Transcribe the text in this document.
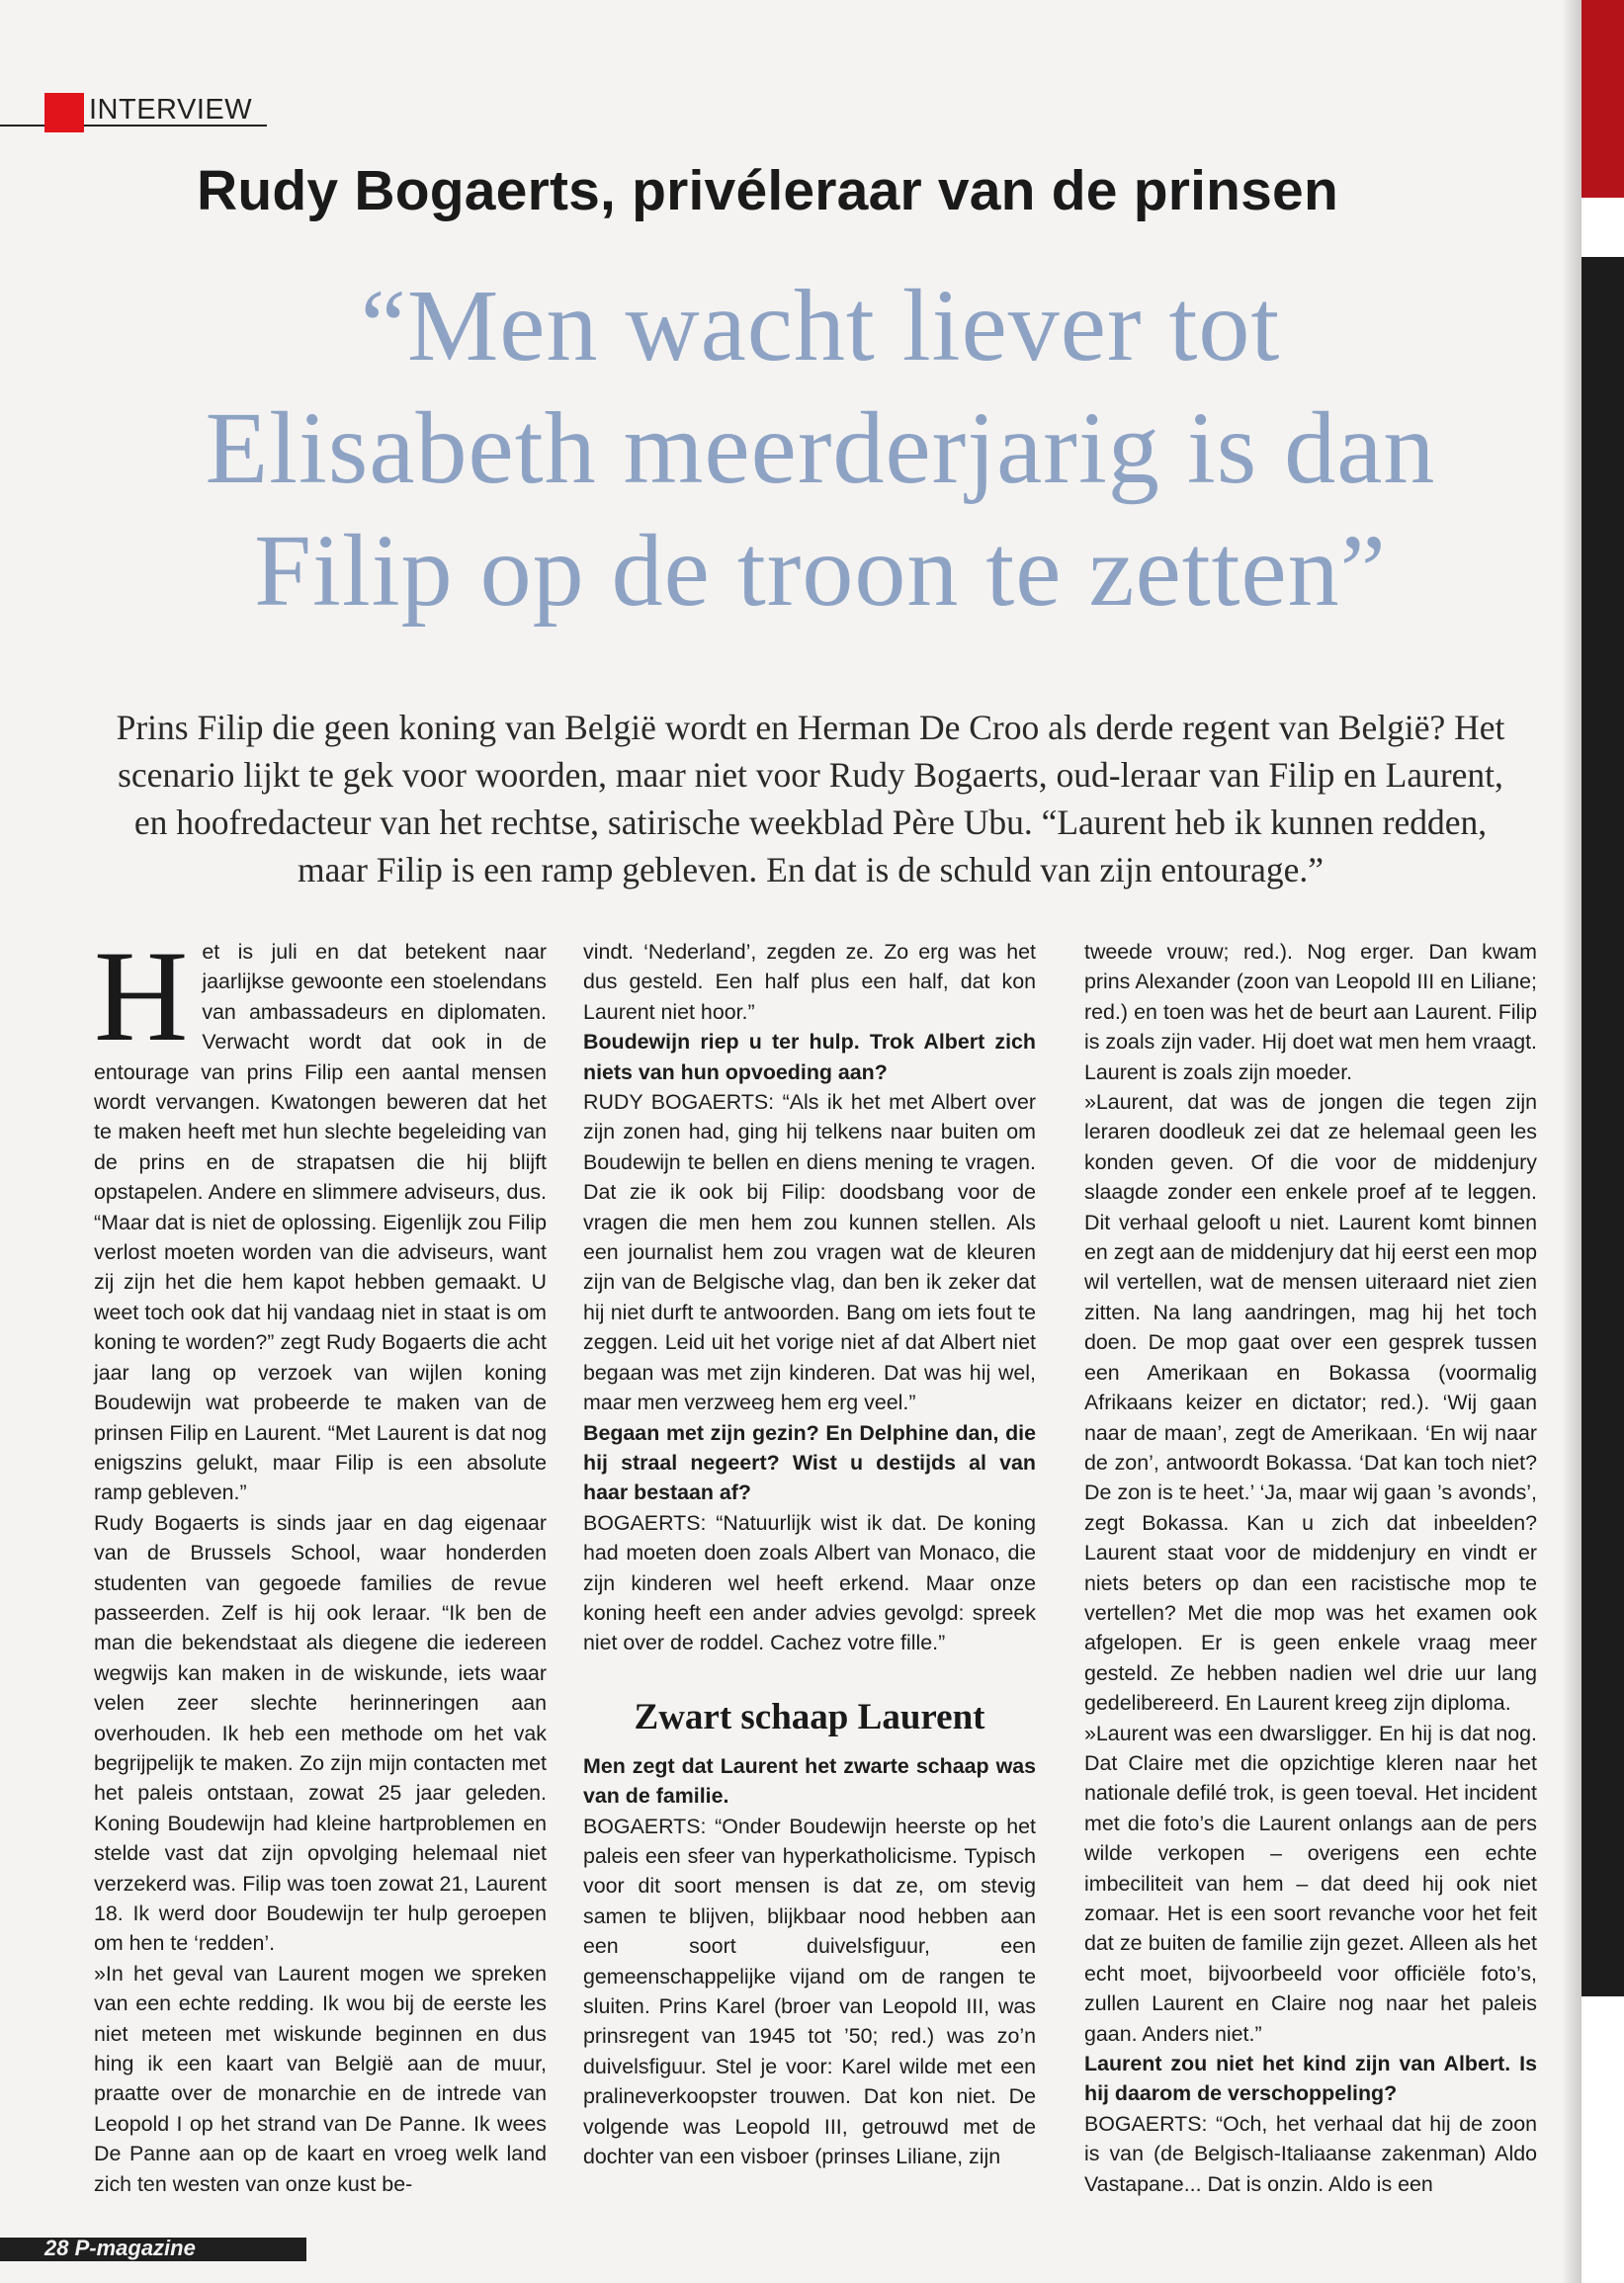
INTERVIEW
Rudy Bogaerts, privéleraar van de prinsen
“Men wacht liever tot
Elisabeth meerderjarig is dan
Filip op de troon te zetten”
Prins Filip die geen koning van België wordt en Herman De Croo als derde regent van België? Het scenario lijkt te gek voor woorden, maar niet voor Rudy Bogaerts, oud-leraar van Filip en Laurent, en hoofredacteur van het rechtse, satirische weekblad Père Ubu. “Laurent heb ik kunnen redden, maar Filip is een ramp gebleven. En dat is de schuld van zijn entourage.”
H et is juli en dat betekent naar jaarlijkse gewoonte een stoelendans van ambassadeurs en diplomaten. Verwacht wordt dat ook in de entourage van prins Filip een aantal mensen wordt vervangen. Kwatongen beweren dat het te maken heeft met hun slechte begeleiding van de prins en de strapatsen die hij blijft opstapelen. Andere en slimmere adviseurs, dus. “Maar dat is niet de oplossing. Eigenlijk zou Filip verlost moeten worden van die adviseurs, want zij zijn het die hem kapot hebben gemaakt. U weet toch ook dat hij vandaag niet in staat is om koning te worden?” zegt Rudy Bogaerts die acht jaar lang op verzoek van wijlen koning Boudewijn wat probeerde te maken van de prinsen Filip en Laurent. “Met Laurent is dat nog enigszins gelukt, maar Filip is een absolute ramp gebleven.”

Rudy Bogaerts is sinds jaar en dag eigenaar van de Brussels School, waar honderden studenten van gegoede families de revue passeerden. Zelf is hij ook leraar. “Ik ben de man die bekendstaat als diegene die iedereen wegwijs kan maken in de wiskunde, iets waar velen zeer slechte herinneringen aan overhouden. Ik heb een methode om het vak begrijpelijk te maken. Zo zijn mijn contacten met het paleis ontstaan, zowat 25 jaar geleden. Koning Boudewijn had kleine hartproblemen en stelde vast dat zijn opvolging helemaal niet verzekerd was. Filip was toen zowat 21, Laurent 18. Ik werd door Boudewijn ter hulp geroepen om hen te ‘redden’.

»In het geval van Laurent mogen we spreken van een echte redding. Ik wou bij de eerste les niet meteen met wiskunde beginnen en dus hing ik een kaart van België aan de muur, praatte over de monarchie en de intrede van Leopold I op het strand van De Panne. Ik wees De Panne aan op de kaart en vroeg welk land zich ten westen van onze kust be-

vindt. ‘Nederland’, zegden ze. Zo erg was het dus gesteld. Een half plus een half, dat kon Laurent niet hoor.”

Boudewijn riep u ter hulp. Trok Albert zich niets van hun opvoeding aan?

RUDY BOGAERTS: “Als ik het met Albert over zijn zonen had, ging hij telkens naar buiten om Boudewijn te bellen en diens mening te vragen. Dat zie ik ook bij Filip: doodsbang voor de vragen die men hem zou kunnen stellen. Als een journalist hem zou vragen wat de kleuren zijn van de Belgische vlag, dan ben ik zeker dat hij niet durft te antwoorden. Bang om iets fout te zeggen. Leid uit het vorige niet af dat Albert niet begaan was met zijn kinderen. Dat was hij wel, maar men verzweeg hem erg veel.”

Begaan met zijn gezin? En Delphine dan, die hij straal negeert? Wist u destijds al van haar bestaan af?

BOGAERTS: “Natuurlijk wist ik dat. De koning had moeten doen zoals Albert van Monaco, die zijn kinderen wel heeft erkend. Maar onze koning heeft een ander advies gevolgd: spreek niet over de roddel. Cachez votre fille.”

Zwart schaap Laurent

Men zegt dat Laurent het zwarte schaap was van de familie.

BOGAERTS: “Onder Boudewijn heerste op het paleis een sfeer van hyperkatholicisme. Typisch voor dit soort mensen is dat ze, om stevig samen te blijven, blijkbaar nood hebben aan een soort duivelsfiguur, een gemeenschappelijke vijand om de rangen te sluiten. Prins Karel (broer van Leopold III, was prinsregent van 1945 tot ’50; red.) was zo’n duivelsfiguur. Stel je voor: Karel wilde met een pralineverkoopster trouwen. Dat kon niet. De volgende was Leopold III, getrouwd met de dochter van een visboer (prinses Liliane, zijn

tweede vrouw; red.). Nog erger. Dan kwam prins Alexander (zoon van Leopold III en Liliane; red.) en toen was het de beurt aan Laurent. Filip is zoals zijn vader. Hij doet wat men hem vraagt. Laurent is zoals zijn moeder.

»Laurent, dat was de jongen die tegen zijn leraren doodleuk zei dat ze helemaal geen les konden geven. Of die voor de middenjury slaagde zonder een enkele proef af te leggen. Dit verhaal gelooft u niet. Laurent komt binnen en zegt aan de middenjury dat hij eerst een mop wil vertellen, wat de mensen uiteraard niet zien zitten. Na lang aandringen, mag hij het toch doen. De mop gaat over een gesprek tussen een Amerikaan en Bokassa (voormalig Afrikaans keizer en dictator; red.). ‘Wij gaan naar de maan’, zegt de Amerikaan. ‘En wij naar de zon’, antwoordt Bokassa. ‘Dat kan toch niet? De zon is te heet.’ ‘Ja, maar wij gaan ’s avonds’, zegt Bokassa. Kan u zich dat inbeelden? Laurent staat voor de middenjury en vindt er niets beters op dan een racistische mop te vertellen? Met die mop was het examen ook afgelopen. Er is geen enkele vraag meer gesteld. Ze hebben nadien wel drie uur lang gedelibereerd. En Laurent kreeg zijn diploma.

»Laurent was een dwarsligger. En hij is dat nog. Dat Claire met die opzichtige kleren naar het nationale defilé trok, is geen toeval. Het incident met die foto’s die Laurent onlangs aan de pers wilde verkopen – overigens een echte imbeciliteit van hem – dat deed hij ook niet zomaar. Het is een soort revanche voor het feit dat ze buiten de familie zijn gezet. Alleen als het echt moet, bijvoorbeeld voor officiële foto’s, zullen Laurent en Claire nog naar het paleis gaan. Anders niet.”

Laurent zou niet het kind zijn van Albert. Is hij daarom de verschoppeling?

BOGAERTS: “Och, het verhaal dat hij de zoon is van (de Belgisch-Italiaanse zakenman) Aldo Vastapane... Dat is onzin. Aldo is een

28 P-magazine
